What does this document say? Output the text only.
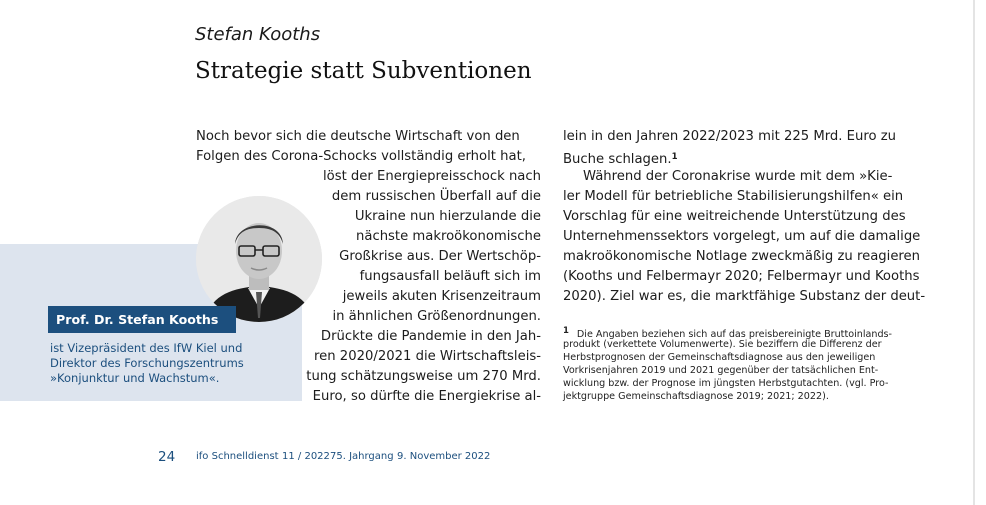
Stefan Kooths
Strategie statt Subventionen
Noch bevor sich die deutsche Wirtschaft von den
Folgen des Corona-Schocks vollständig erholt hat,
löst der Energiepreisschock nach
dem russischen Überfall auf die
Ukraine nun hierzulande die
nächste makroökonomische
Großkrise aus. Der Wertschöp-
fungsausfall beläuft sich im
jeweils akuten Krisenzeitraum
in ähnlichen Größenordnungen.
Drückte die Pandemie in den Jah-
ren 2020/2021 die Wirtschaftsleis-
tung schätzungsweise um 270 Mrd.
Euro, so dürfte die Energiekrise al-
Prof. Dr. Stefan Kooths
ist Vizepräsident des IfW Kiel und
Direktor des Forschungszentrums
»Konjunktur und Wachstum«.
lein in den Jahren 2022/2023 mit 225 Mrd. Euro zu
Buche schlagen.$^1$
Während der Coronakrise wurde mit dem »Kie-
ler Modell für betriebliche Stabilisierungshilfen« ein
Vorschlag für eine weitreichende Unterstützung des
Unternehmenssektors vorgelegt, um auf die damalige
makroökonomische Notlage zweckmäßig zu reagieren
(Kooths und Felbermayr 2020; Felbermayr und Kooths
2020). Ziel war es, die marktfähige Substanz der deut-
1 Die Angaben beziehen sich auf das preisbereinigte Bruttoinlands-
produkt (verkettete Volumenwerte). Sie beziffern die Differenz der
Herbstprognosen der Gemeinschaftsdiagnose aus den jeweiligen
Vorkrisenjahren 2019 und 2021 gegenüber der tatsächlichen Ent-
wicklung bzw. der Prognose im jüngsten Herbstgutachten. (vgl. Pro-
jektgruppe Gemeinschaftsdiagnose 2019; 2021; 2022).
24 ifo Schnelldienst 11 / 2022 75. Jahrgang 9. November 2022
